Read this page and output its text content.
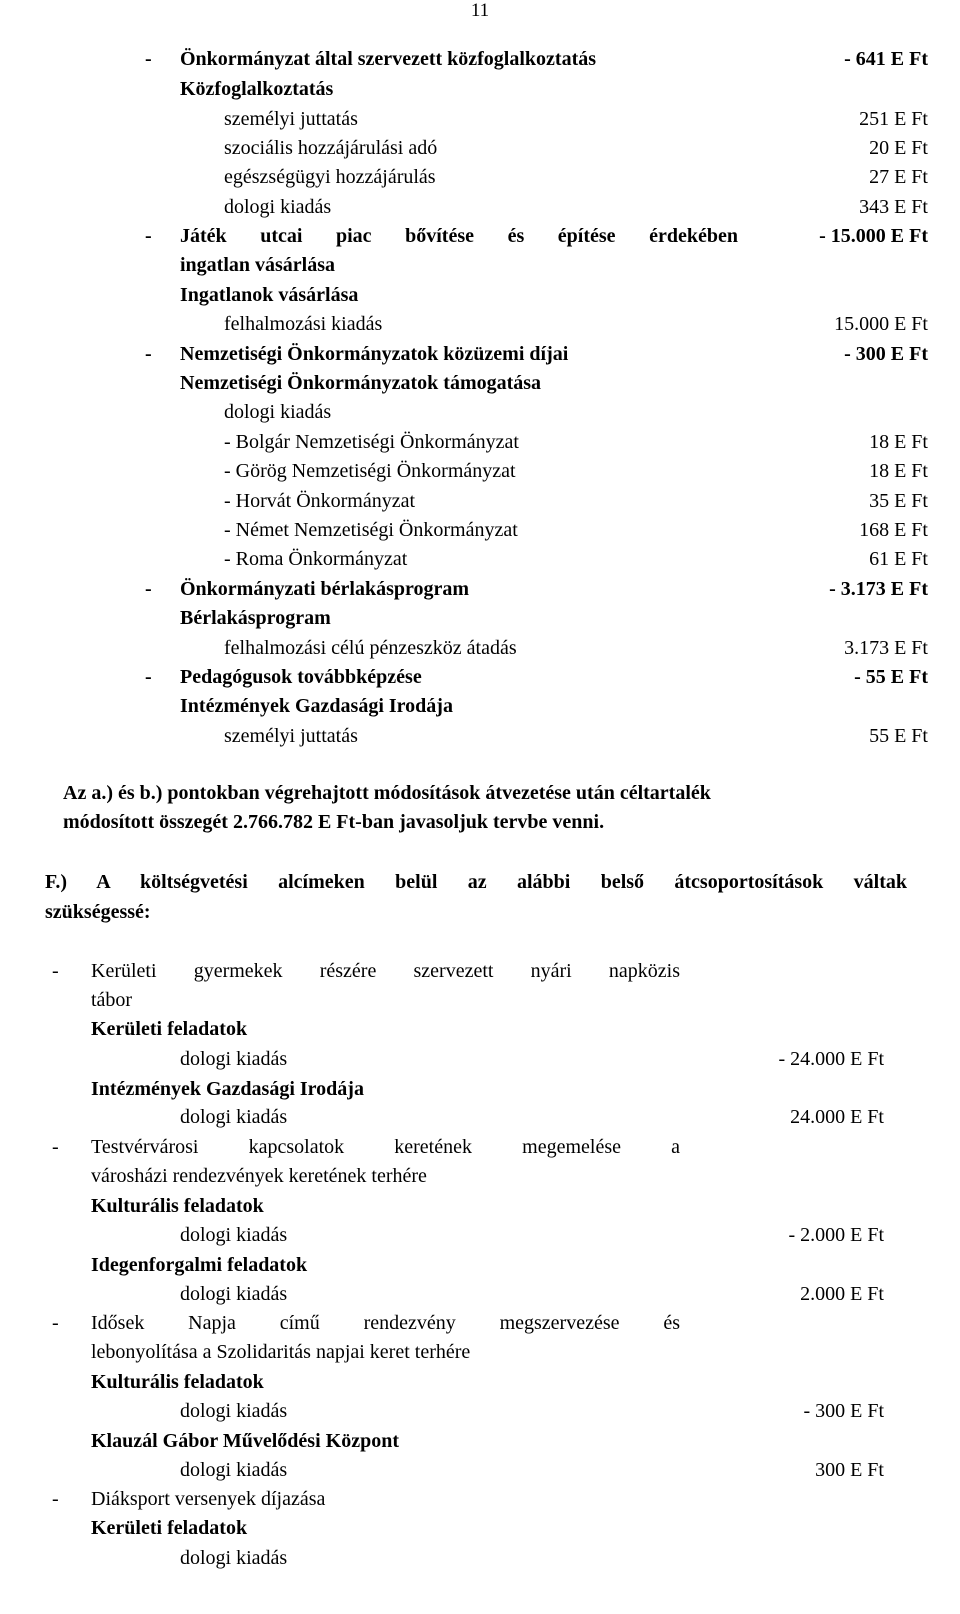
11
- Önkormányzat által szervezett közfoglalkoztatás	- 641 E Ft
Közfoglalkoztatás
személyi juttatás	251 E Ft
szociális hozzájárulási adó	20 E Ft
egészségügyi hozzájárulás	27 E Ft
dologi kiadás	343 E Ft
- Játék utcai piac bővítése és építése érdekében	- 15.000 E Ft
ingatlan vásárlása
Ingatlanok vásárlása
felhalmozási kiadás	15.000 E Ft
- Nemzetiségi Önkormányzatok közüzemi díjai	- 300 E Ft
Nemzetiségi Önkormányzatok támogatása
dologi kiadás
- Bolgár Nemzetiségi Önkormányzat	18 E Ft
- Görög Nemzetiségi Önkormányzat	18 E Ft
- Horvát Önkormányzat	35 E Ft
- Német Nemzetiségi Önkormányzat	168 E Ft
- Roma Önkormányzat	61 E Ft
- Önkormányzati bérlakásprogram	- 3.173 E Ft
Bérlakásprogram
felhalmozási célú pénzeszköz átadás	3.173 E Ft
- Pedagógusok továbbképzése	- 55 E Ft
Intézmények Gazdasági Irodája
személyi juttatás	55 E Ft
Az a.) és b.) pontokban végrehajtott módosítások átvezetése után céltartalék
módosított összegét 2.766.782 E Ft-ban javasoljuk tervbe venni.
F.) A költségvetési alcímeken belül az alábbi belső átcsoportosítások váltak
szükségessé:
- Kerületi gyermekek részére szervezett nyári napközis
tábor
Kerületi feladatok
dologi kiadás	- 24.000 E Ft
Intézmények Gazdasági Irodája
dologi kiadás	24.000 E Ft
- Testvérvárosi kapcsolatok keretének megemelése a
városházi rendezvények keretének terhére
Kulturális feladatok
dologi kiadás	- 2.000 E Ft
Idegenforgalmi feladatok
dologi kiadás	2.000 E Ft
- Idősek Napja című rendezvény megszervezése és
lebonyolítása a Szolidaritás napjai keret terhére
Kulturális feladatok
dologi kiadás	- 300 E Ft
Klauzál Gábor Művelődési Központ
dologi kiadás	300 E Ft
- Diáksport versenyek díjazása
Kerületi feladatok
dologi kiadás
